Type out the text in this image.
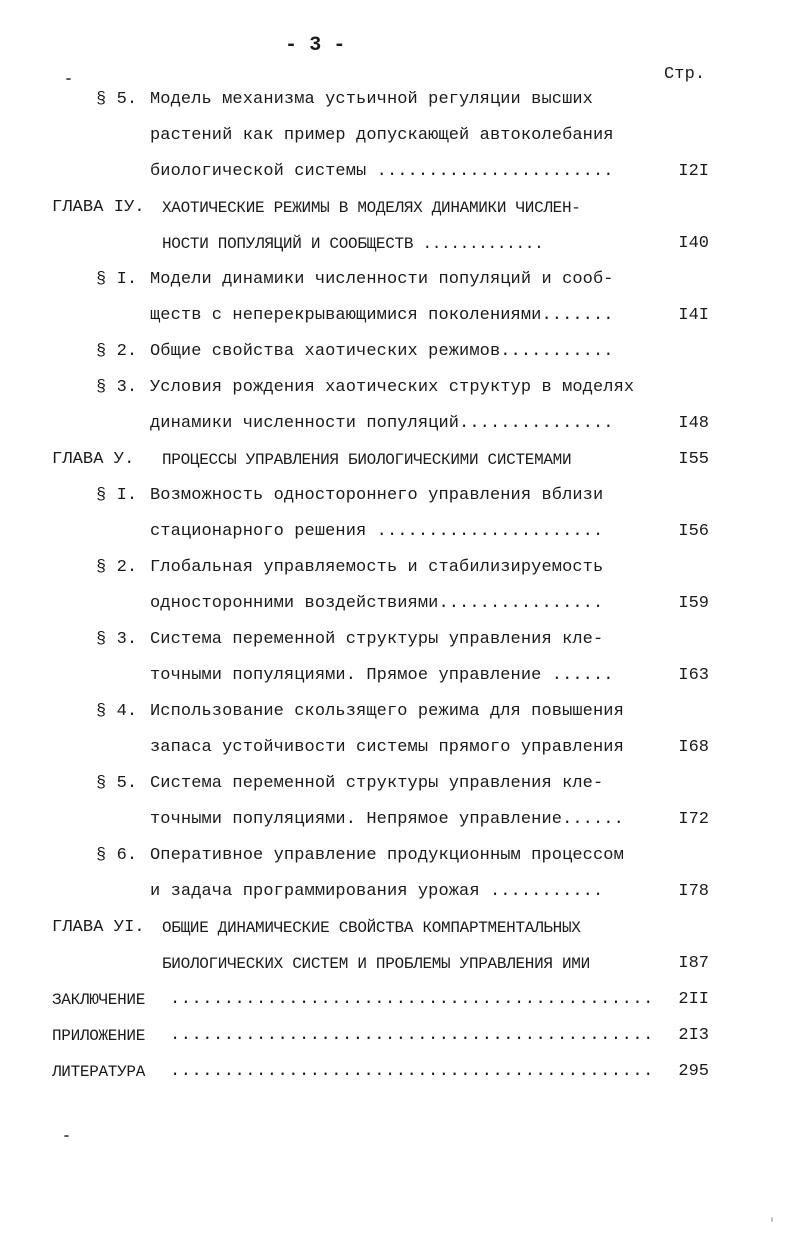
- 3 -
Стр.
§ 5. Модель механизма устьичной регуляции высших
растений как пример допускающей автоколебания
биологической системы .......................	I2I
ГЛАВА IУ. ХАОТИЧЕСКИЕ РЕЖИМЫ В МОДЕЛЯХ ДИНАМИКИ ЧИСЛЕН-
НОСТИ ПОПУЛЯЦИЙ И СООБЩЕСТВ .............	I40
§ I. Модели динамики численности популяций и сооб-
ществ с неперекрывающимися поколениями.......	I4I
§ 2. Общие свойства хаотических режимов...........
§ 3. Условия рождения хаотических структур в моделях
динамики численности популяций...............	I48
ГЛАВА У. ПРОЦЕССЫ УПРАВЛЕНИЯ БИОЛОГИЧЕСКИМИ СИСТЕМАМИ	I55
§ I. Возможность одностороннего управления вблизи
стационарного решения ......................	I56
§ 2. Глобальная управляемость и стабилизируемость
односторонними воздействиями................	I59
§ 3. Система переменной структуры управления кле-
точными популяциями. Прямое управление ......	I63
§ 4. Использование скользящего режима для повышения
запаса устойчивости системы прямого управления	I68
§ 5. Система переменной структуры управления кле-
точными популяциями. Непрямое управление......	I72
§ 6. Оперативное управление продукционным процессом
и задача программирования урожая ...........	I78
ГЛАВА УI. ОБЩИЕ ДИНАМИЧЕСКИЕ СВОЙСТВА КОМПАРТМЕНТАЛЬНЫХ
БИОЛОГИЧЕСКИХ СИСТЕМ И ПРОБЛЕМЫ УПРАВЛЕНИЯ ИМИ	I87
ЗАКЛЮЧЕНИЕ ............................................. 2II
ПРИЛОЖЕНИЕ ............................................. 2I3
ЛИТЕРАТУРА ............................................. 295
